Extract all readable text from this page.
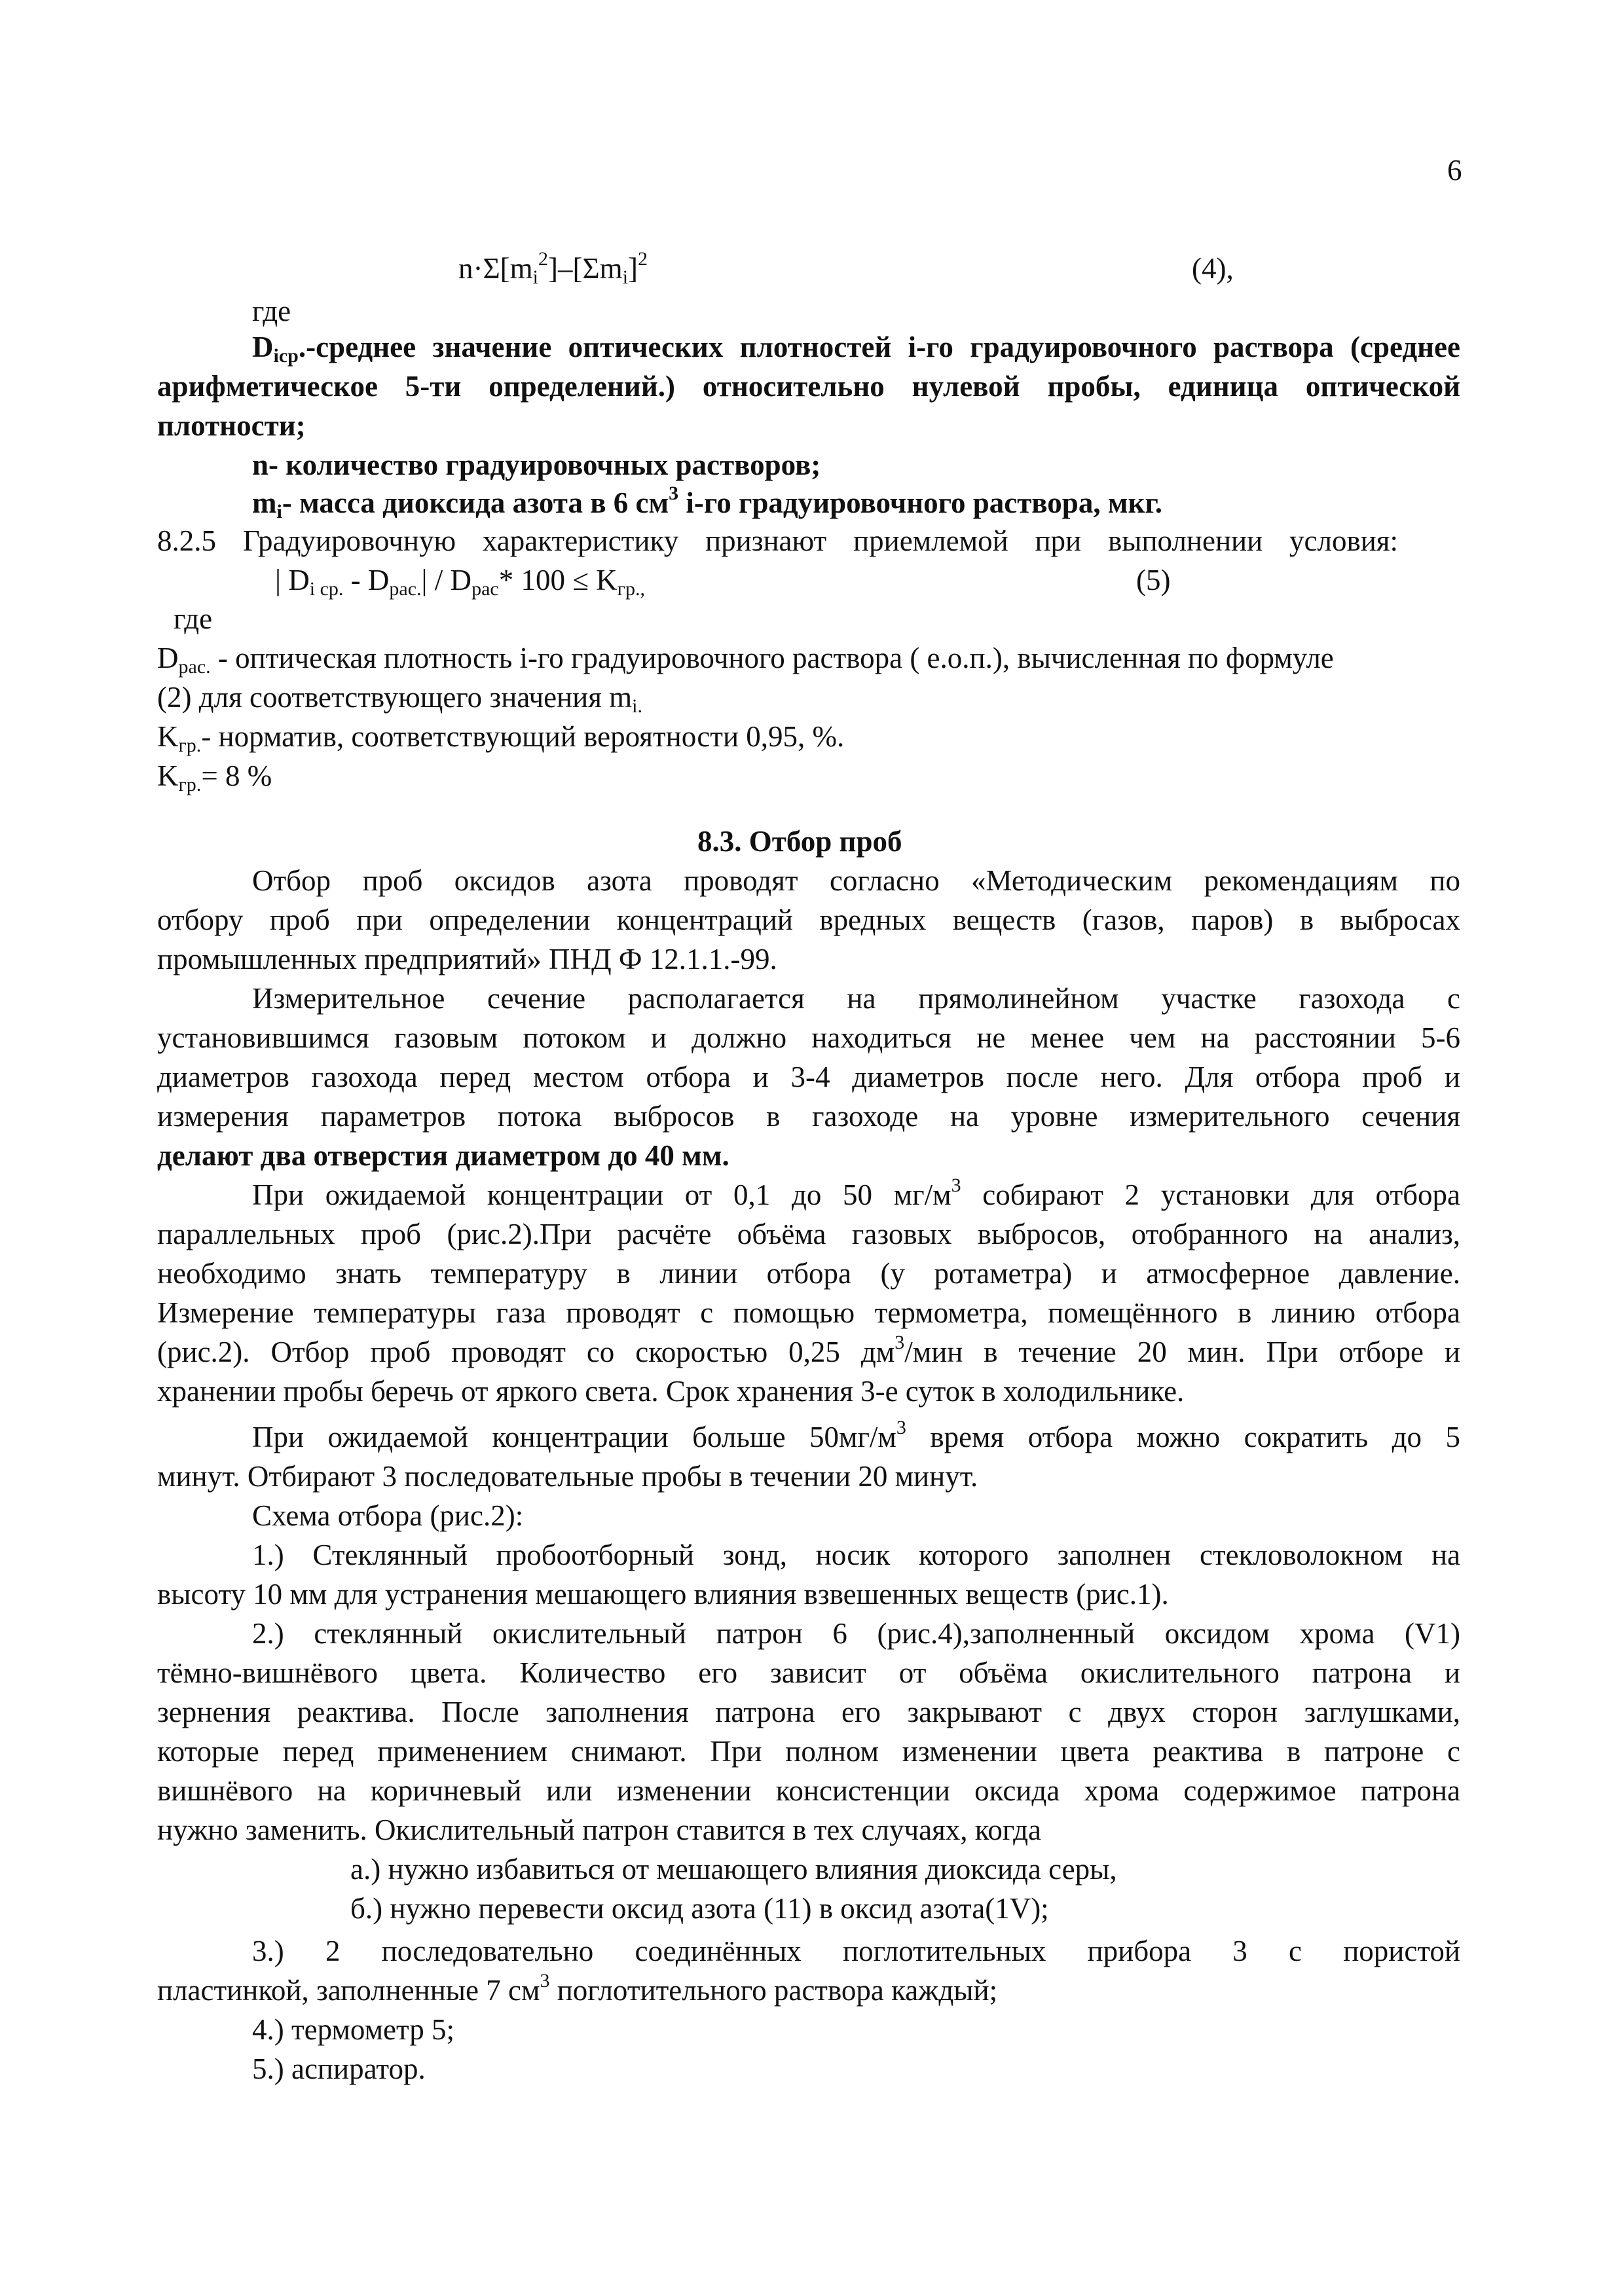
6
$n\cdot\Sigma[m_i^2]-[\Sigma m_i]^2$	(4),
где
$D_{icp}$.-среднее значение оптических плотностей i-го градуировочного раствора (среднее
арифметическое 5-ти определений.) относительно нулевой пробы, единица оптической
плотности;
n- количество градуировочных растворов;
$m_i-$ масса диоксида азота в 6 $см^3$ i-го градуировочного раствора, мкг.
8.2.5 Градуировочную характеристику признают приемлемой при выполнении условия:
| $D_{i ср.} - D_{рас.}| / D_{рас}*$ $100 \le K_{гр.,}$	(5)
где
$D_{рас.}$ - оптическая плотность i-го градуировочного раствора ( е.о.п.), вычисленная по формуле
(2) для соответствующего значения $m_{i.}$
$K_{гр.}-$ норматив, соответствующий вероятности 0,95, %.
$K_{гр.}= 8$ %
8.3. Отбор проб
Отбор проб оксидов азота проводят согласно «Методическим рекомендациям по
отбору проб при определении концентраций вредных веществ (газов, паров) в выбросах
промышленных предприятий» ПНД Ф 12.1.1.-99.
Измерительное сечение располагается на прямолинейном участке газохода с
установившимся газовым потоком и должно находиться не менее чем на расстоянии 5-6
диаметров газохода перед местом отбора и 3-4 диаметров после него. Для отбора проб и
измерения параметров потока выбросов в газоходе на уровне измерительного сечения
делают два отверстия диаметром до 40 мм.
При ожидаемой концентрации от 0,1 до 50 $мг/м^3$ собирают 2 установки для отбора
параллельных проб (рис.2).При расчёте объёма газовых выбросов, отобранного на анализ,
необходимо знать температуру в линии отбора (у ротаметра) и атмосферное давление.
Измерение температуры газа проводят с помощью термометра, помещённого в линию отбора
(рис.2). Отбор проб проводят со скоростью 0,25 $дм^3$/мин в течение 20 мин. При отборе и
хранении пробы беречь от яркого света. Срок хранения 3-е суток в холодильнике.
При ожидаемой концентрации больше $50мг/м^3$ время отбора можно сократить до 5
минут. Отбирают 3 последовательные пробы в течении 20 минут.
Схема отбора (рис.2):
1.) Стеклянный пробоотборный зонд, носик которого заполнен стекловолокном на
высоту 10 мм для устранения мешающего влияния взвешенных веществ (рис.1).
2.) стеклянный окислительный патрон 6 (рис.4),заполненный оксидом хрома (V1)
тёмно-вишнёвого цвета. Количество его зависит от объёма окислительного патрона и
зернения реактива. После заполнения патрона его закрывают с двух сторон заглушками,
которые перед применением снимают. При полном изменении цвета реактива в патроне с
вишнёвого на коричневый или изменении консистенции оксида хрома содержимое патрона
нужно заменить. Окислительный патрон ставится в тех случаях, когда
а.) нужно избавиться от мешающего влияния диоксида серы,
б.) нужно перевести оксид азота (11) в оксид азота(1V);
3.) 2 последовательно соединённых поглотительных прибора 3 с пористой
пластинкой, заполненные 7 $см^3$ поглотительного раствора каждый;
4.) термометр 5;
5.) аспиратор.
